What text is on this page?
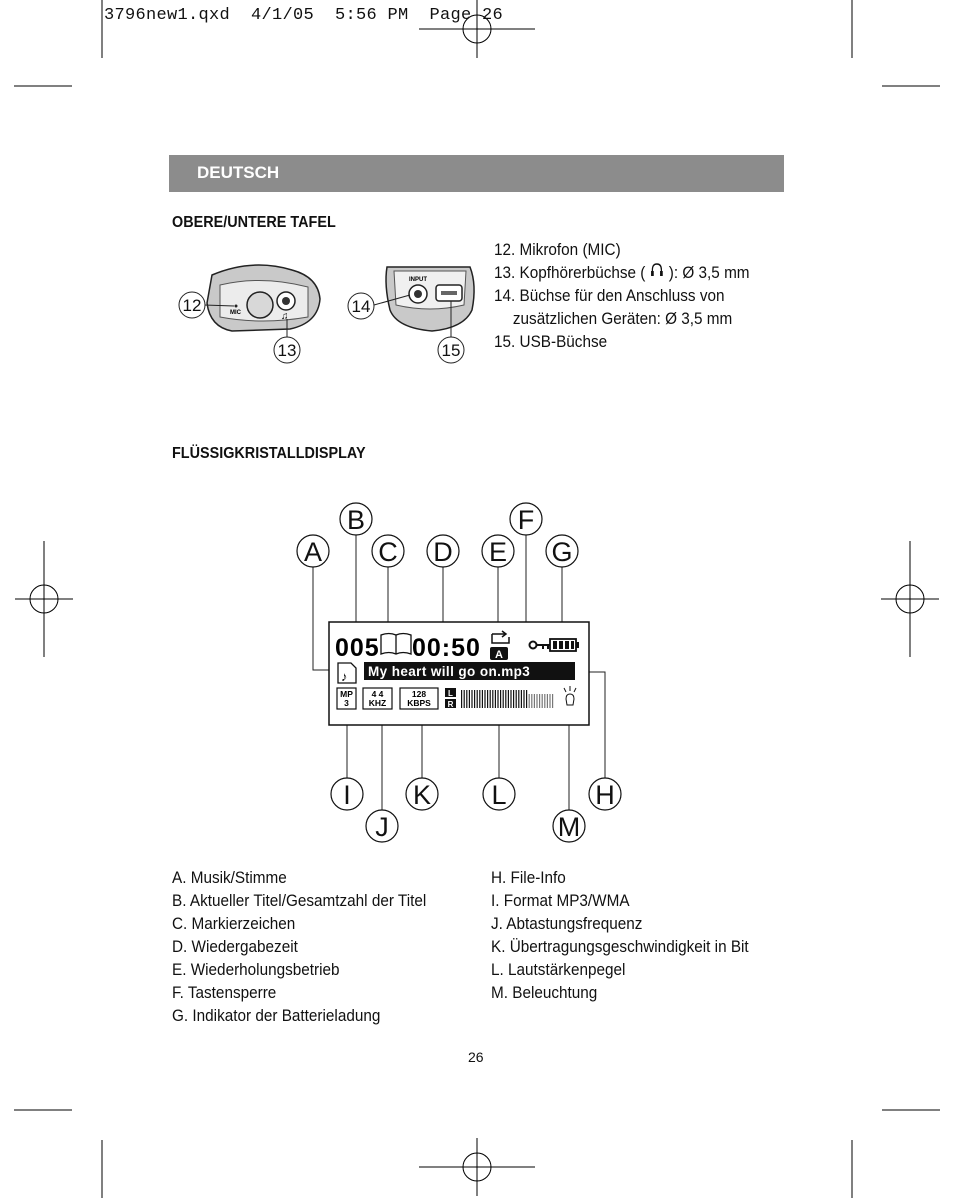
3796new1.qxd  4/1/05  5:56 PM  Page 26
DEUTSCH
OBERE/UNTERE TAFEL
MIC	♫
INPUT
12
13
14
15
12. Mikrofon (MIC)
13. Kopfhörerbüchse ( ): Ø 3,5 mm
14. Büchse für den Anschluss von
zusätzlichen Geräten: Ø 3,5 mm
15. USB-Büchse
FLÜSSIGKRISTALLDISPLAY
005 00:50 A
♪ My heart will go on.mp3
MP
3
4 4
KHZ
128
KBPS
L
R
A
B
C D E
F
G
H
I
J
K L
M
A. Musik/Stimme
B. Aktueller Titel/Gesamtzahl der Titel
C. Markierzeichen
D. Wiedergabezeit
E. Wiederholungsbetrieb
F. Tastensperre
G. Indikator der Batterieladung
H. File-Info
I. Format MP3/WMA
J. Abtastungsfrequenz
K. Übertragungsgeschwindigkeit in Bit
L. Lautstärkenpegel
M. Beleuchtung
26
